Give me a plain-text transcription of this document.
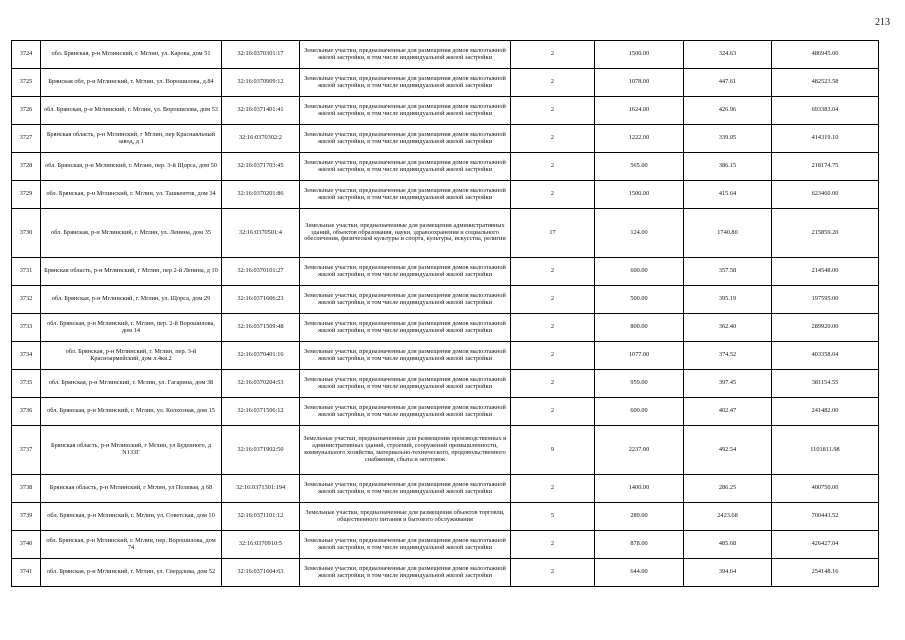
213
3724	обл. Брянская, р-н Мглинский, г. Мглин, ул. Карова, дом 51	32:16:0370301:17	Земельные участки, предназначенные для размещения домов малоэтажной жилой застройки, в том числе индивидуальной жилой застройки	2	1500.00	324.63	486945.00
3725	Брянская обл, р-н Мглинский, г. Мглин, ул. Ворошилова, д.84	32:16:0370909:12	Земельные участки, предназначенные для размещения домов малоэтажной жилой застройки, в том числе индивидуальной жилой застройки	2	1078.00	447.61	482523.58
3726	обл. Брянская, р-н Мглинский, г. Мглин, ул. Ворошилова, дом 53	32:16:0371401:41	Земельные участки, предназначенные для размещения домов малоэтажной жилой застройки, в том числе индивидуальной жилой застройки	2	1624.00	426.96	693383.04
3727	Брянская область, р-н Мглинский, г Мглин, пер Краснаяльный завод, д 1	32:16:0370302:2	Земельные участки, предназначенные для размещения домов малоэтажной жилой застройки, в том числе индивидуальной жилой застройки	2	1222.00	339.05	414319.10
3728	обл. Брянская, р-н Мглинский, г. Мглин, пер. 3-й Щорса, дом 50	32:16:0371703:45	Земельные участки, предназначенные для размещения домов малоэтажной жилой застройки, в том числе индивидуальной жилой застройки	2	565.00	386.15	218174.75
3729	обл. Брянская, р-н Мглинский, г. Мглин, ул. Ташкентов, дом 34	32:16:0370201:86	Земельные участки, предназначенные для размещения домов малоэтажной жилой застройки, в том числе индивидуальной жилой застройки	2	1500.00	415.64	623460.00
3730	обл. Брянская, р-н Мглинский, г. Мглин, ул. Ленина, дом 35	32:16:0370501:4	Земельные участки, предназначенные для размещения административных зданий, объектов образования, науки, здравоохранения и социального обеспечения, физической культуры и спорта, культуры, искусства, религии	17	124.00	1740.80	215859.20
3731	Брянская область, р-н Мглинский, г Мглин, пер 2-й Ленина, д 10	32:16:0370101:27	Земельные участки, предназначенные для размещения домов малоэтажной жилой застройки, в том числе индивидуальной жилой застройки	2	600.00	357.58	214548.00
3732	обл. Брянская, р-н Мглинский, г. Мглин, ул. Щорса, дом 29	32:16:0371606:23	Земельные участки, предназначенные для размещения домов малоэтажной жилой застройки, в том числе индивидуальной жилой застройки	2	500.00	395.19	197595.00
3733	обл. Брянская, р-н Мглинский, г. Мглин, пер. 2-й Ворошилова, дом 14	32:16:0371509:48	Земельные участки, предназначенные для размещения домов малоэтажной жилой застройки, в том числе индивидуальной жилой застройки	2	800.00	362.40	289920.00
3734	обл. Брянская, р-н Мглинский, г. Мглин, пер. 3-й Красноармейский, дом л.4кв.2	32:16:0370401:16	Земельные участки, предназначенные для размещения домов малоэтажной жилой застройки, в том числе индивидуальной жилой застройки	2	1077.00	374.52	403358.04
3735	обл. Брянская, р-н Мглинский, г. Мглин, ул. Гагарина, дом 38	32:16:0370204:53	Земельные участки, предназначенные для размещения домов малоэтажной жилой застройки, в том числе индивидуальной жилой застройки	2	959.00	397.45	381154.55
3736	обл. Брянская, р-н Мглинский, г. Мглин, ул. Колхозная, дом 15	32:16:0371506:12	Земельные участки, предназначенные для размещения домов малоэтажной жилой застройки, в том числе индивидуальной жилой застройки	2	600.00	402.47	241482.00
3737	Брянская область, р-н Мглинский, г Мглин, ул Буденного, д N133Г	32:16:0371902:50	Земельные участки, предназначенные для размещения производственных и административных зданий, строений, сооружений промышленности, коммунального хозяйства, материально-технического, продовольственного снабжения, сбыта и заготовок	9	2237.00	492.54	1101811.98
3738	Брянская область, р-н Мглинский, г Мглин, ул Полевая, д 68	32:16:0371301:194	Земельные участки, предназначенные для размещения домов малоэтажной жилой застройки, в том числе индивидуальной жилой застройки	2	1400.00	286.25	400750.00
3739	обл. Брянская, р-н Мглинский, г. Мглин, ул. Советская, дом 10	32:16:0371101:12	Земельные участки, предназначенные для размещения объектов торговли, общественного питания и бытового обслуживания	5	289.00	2423.68	700443.52
3740	обл. Брянская, р-н Мглинский, г. Мглин, пер. Ворошилова, дом 74	32:16:0370910:5	Земельные участки, предназначенные для размещения домов малоэтажной жилой застройки, в том числе индивидуальной жилой застройки	2	878.00	485.68	426427.04
3741	обл. Брянская, р-н Мглинский, г. Мглин, ул. Свердлова, дом 52	32:16:0371604:63	Земельные участки, предназначенные для размещения домов малоэтажной жилой застройки, в том числе индивидуальной жилой застройки	2	644.00	394.64	254148.16
